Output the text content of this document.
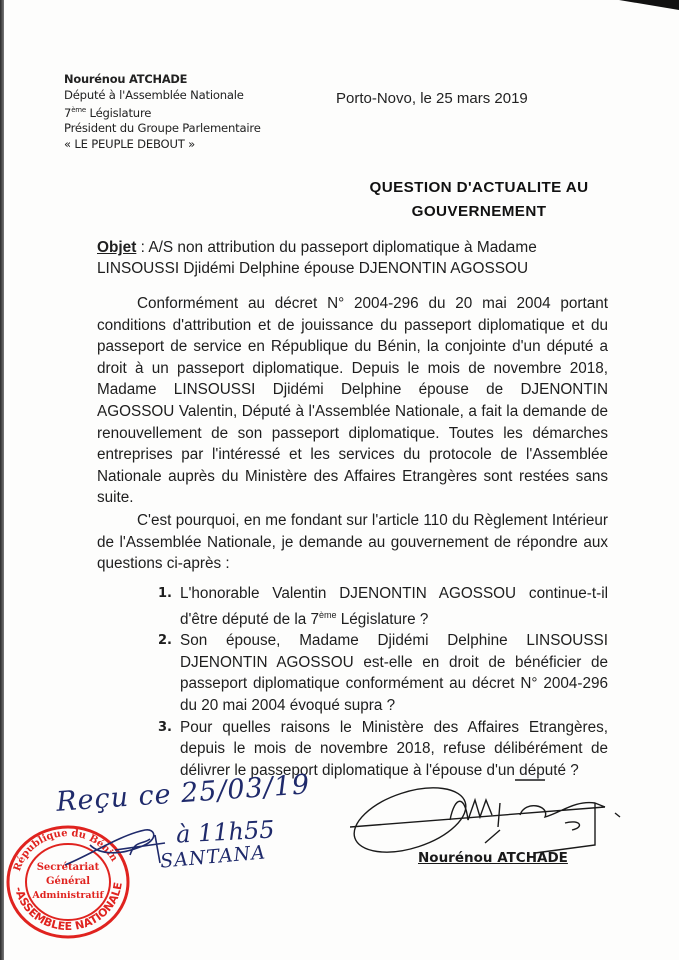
Nourénou ATCHADE
Député à l'Assemblée Nationale
7ème Législature
Président du Groupe Parlementaire
« LE PEUPLE DEBOUT »
Porto-Novo, le 25 mars 2019
QUESTION D'ACTUALITE AU
GOUVERNEMENT
Objet : A/S non attribution du passeport diplomatique à Madame LINSOUSSI Djidémi Delphine épouse DJENONTIN AGOSSOU
Conformément au décret N° 2004-296 du 20 mai 2004 portant conditions d'attribution et de jouissance du passeport diplomatique et du passeport de service en République du Bénin, la conjointe d'un député a droit à un passeport diplomatique. Depuis le mois de novembre 2018, Madame LINSOUSSI Djidémi Delphine épouse de DJENONTIN AGOSSOU Valentin, Député à l'Assemblée Nationale, a fait la demande de renouvellement de son passeport diplomatique. Toutes les démarches entreprises par l'intéressé et les services du protocole de l'Assemblée Nationale auprès du Ministère des Affaires Etrangères sont restées sans suite.
C'est pourquoi, en me fondant sur l'article 110 du Règlement Intérieur de l'Assemblée Nationale, je demande au gouvernement de répondre aux questions ci-après :
1. L'honorable Valentin DJENONTIN AGOSSOU continue-t-il d'être député de la 7ème Législature ?
2. Son épouse, Madame Djidémi Delphine LINSOUSSI DJENONTIN AGOSSOU est-elle en droit de bénéficier de passeport diplomatique conformément au décret N° 2004-296 du 20 mai 2004 évoqué supra ?
3. Pour quelles raisons le Ministère des Affaires Etrangères, depuis le mois de novembre 2018, refuse délibérément de délivrer le passeport diplomatique à l'épouse d'un député ?
Reçu ce 25/03/19
à 11h55
SANTANA
République du Bénin
-ASSEMBLEE NATIONALE
Secrétariat
Général
Administratif
Nourénou ATCHADE
